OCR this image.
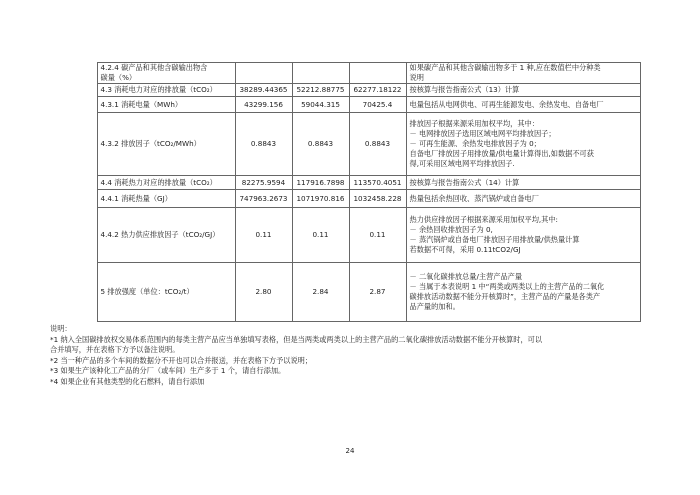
	4.2.4 碳产品和其他含碳输出物含
碳量（%）				如果碳产品和其他含碳输出物多于 1 种,应在数值栏中分种类
说明

	4.3 消耗电力对应的排放量（tCO₂）	38289.44365	52212.88775	62277.18122	按核算与报告指南公式（13）计算

	4.3.1 消耗电量（MWh）	43299.156	59044.315	70425.4	电量包括从电网供电、可再生能源发电、余热发电、自备电厂

	4.3.2 排放因子（tCO₂/MWh）	0.8843	0.8843	0.8843	排放因子根据来源采用加权平均，其中：
－ 电网排放因子选用区域电网平均排放因子；
－ 可再生能源、余热发电排放因子为 0；
自备电厂排放因子用排放量/供电量计算得出,如数据不可获
得,可采用区域电网平均排放因子.

	4.4 消耗热力对应的排放量（tCO₂）	82275.9594	117916.7898	113570.4051	按核算与报告指南公式（14）计算

	4.4.1 消耗热量（GJ）	747963.2673	1071970.816	1032458.228	热量包括余热回收、蒸汽锅炉或自备电厂

	4.4.2 热力供应排放因子（tCO₂/GJ）	0.11	0.11	0.11	热力供应排放因子根据来源采用加权平均,其中:
－ 余热回收排放因子为 0,
－ 蒸汽锅炉或自备电厂排放因子用排放量/供热量计算
若数据不可得，采用 0.11tCO2/GJ

	5 排放强度（单位：tCO₂/t）	2.80	2.84	2.87	－ 二氧化碳排放总量/主营产品产量
－ 当属于本表说明 1 中“两类或两类以上的主营产品的二氧化
碳排放活动数据不能分开核算时”，主营产品的产量是各类产
品产量的加和。
说明：
*1 纳入全国碳排放权交易体系范围内的每类主营产品应当单独填写表格，但是当两类或两类以上的主营产品的二氧化碳排放活动数据不能分开核算时，可以
合并填写，并在表格下方予以备注说明。
*2 当一种产品的多个车间的数据分不开也可以合并报送，并在表格下方予以说明；
*3 如果生产该种化工产品的分厂（或车间）生产多于 1 个，请自行添加。
*4 如果企业有其他类型的化石燃料，请自行添加
24
